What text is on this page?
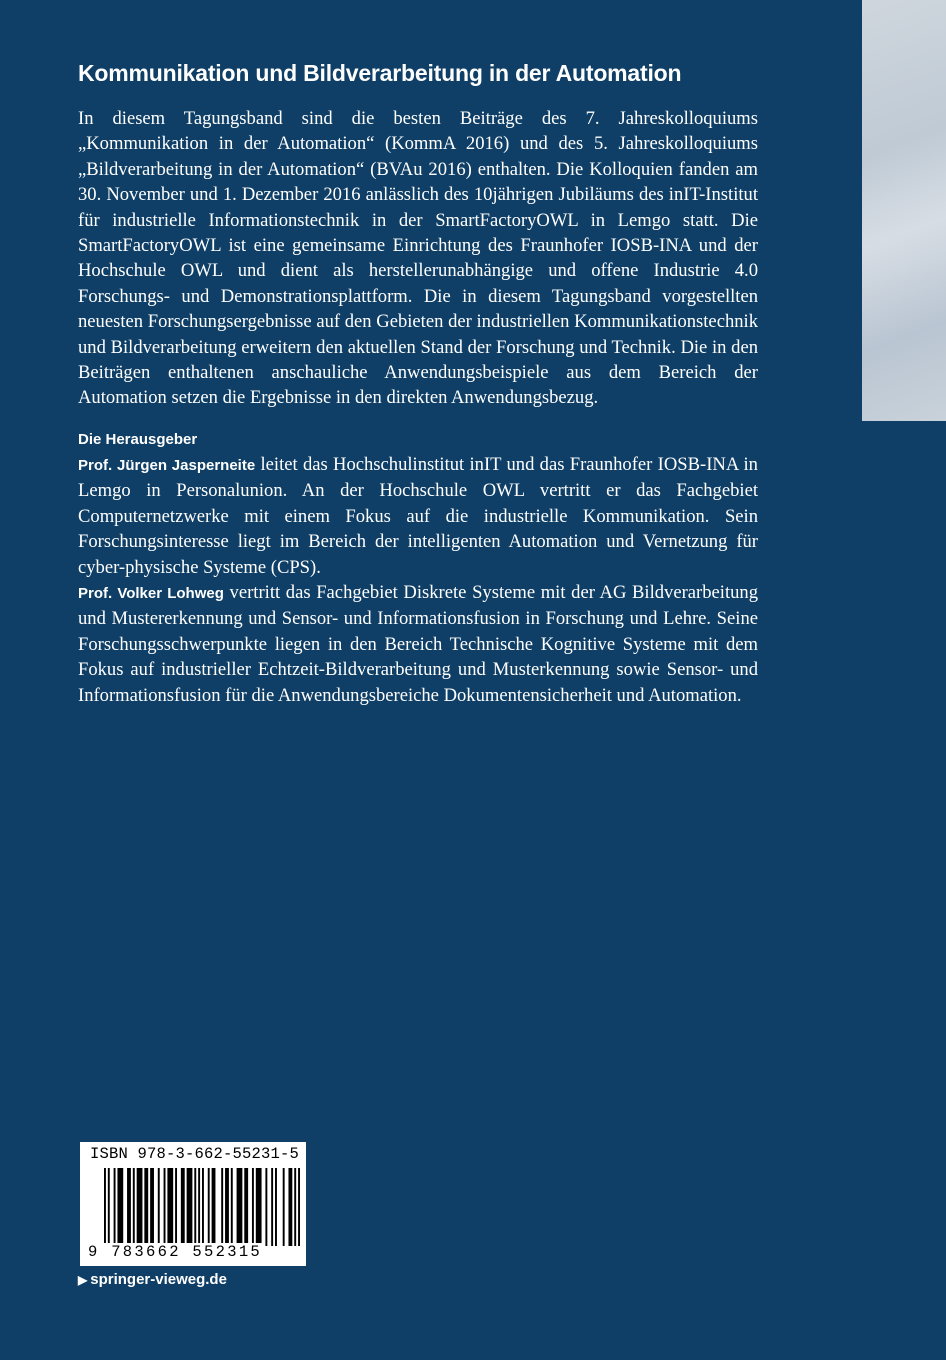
Kommunikation und Bildverarbeitung in der Automation

In diesem Tagungsband sind die besten Beiträge des 7. Jahreskolloquiums „Kommunikation in der Automation“ (KommA 2016) und des 5. Jahreskolloquiums „Bildverarbeitung in der Automation“ (BVAu 2016) enthalten. Die Kolloquien fanden am 30. November und 1. Dezember 2016 anlässlich des 10jährigen Jubiläums des inIT-Institut für industrielle Informationstechnik in der SmartFactoryOWL in Lemgo statt. Die SmartFactoryOWL ist eine gemeinsame Einrichtung des Fraunhofer IOSB-INA und der Hochschule OWL und dient als herstellerunabhängige und offene Industrie 4.0 Forschungs- und Demonstrationsplattform. Die in diesem Tagungsband vorgestellten neuesten Forschungsergebnisse auf den Gebieten der industriellen Kommunikationstechnik und Bildverarbeitung erweitern den aktuellen Stand der Forschung und Technik. Die in den Beiträgen enthaltenen anschauliche Anwendungsbeispiele aus dem Bereich der Automation setzen die Ergebnisse in den direkten Anwendungsbezug.

Die Herausgeber

Prof. Jürgen Jasperneite leitet das Hochschulinstitut inIT und das Fraunhofer IOSB-INA in Lemgo in Personalunion. An der Hochschule OWL vertritt er das Fachgebiet Computernetzwerke mit einem Fokus auf die industrielle Kommunikation. Sein Forschungsinteresse liegt im Bereich der intelligenten Automation und Vernetzung für cyber-physische Systeme (CPS).

Prof. Volker Lohweg vertritt das Fachgebiet Diskrete Systeme mit der AG Bildverarbeitung und Mustererkennung und Sensor- und Informationsfusion in Forschung und Lehre. Seine Forschungsschwerpunkte liegen in den Bereich Technische Kognitive Systeme mit dem Fokus auf industrieller Echtzeit-Bildverarbeitung und Musterkennung sowie Sensor- und Informationsfusion für die Anwendungsbereiche Dokumentensicherheit und Automation.

ISBN 978-3-662-55231-5
9 783662 552315
▶ springer-vieweg.de
